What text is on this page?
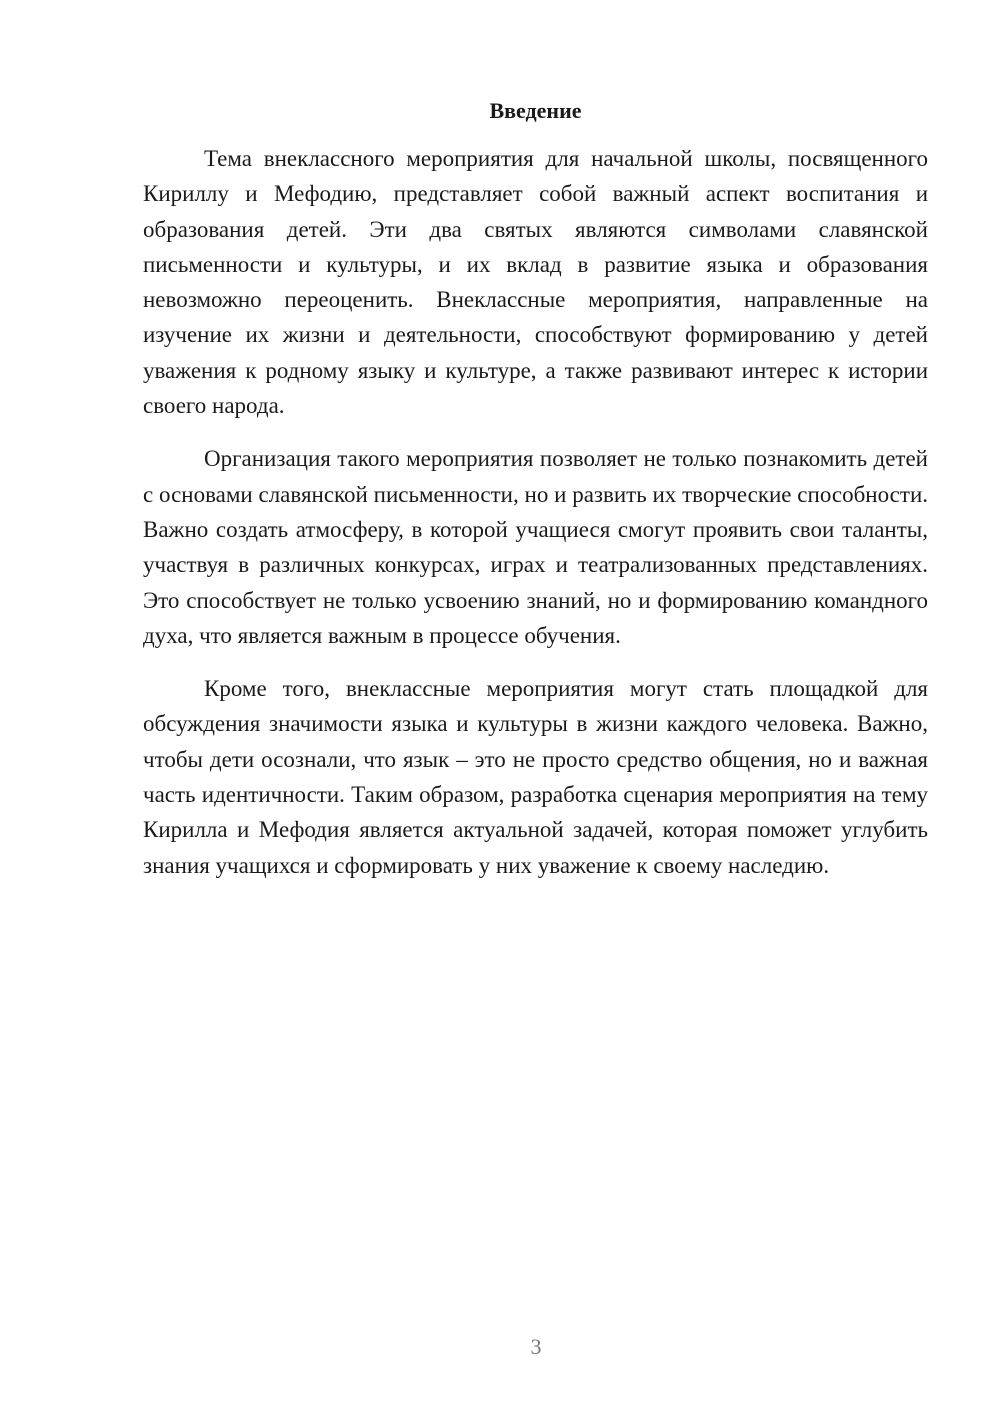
Введение

Тема внеклассного мероприятия для начальной школы, посвященного Кириллу и Мефодию, представляет собой важный аспект воспитания и образования детей. Эти два святых являются символами славянской письменности и культуры, и их вклад в развитие языка и образования невозможно переоценить. Внеклассные мероприятия, направленные на изучение их жизни и деятельности, способствуют формированию у детей уважения к родному языку и культуре, а также развивают интерес к истории своего народа.

Организация такого мероприятия позволяет не только познакомить детей с основами славянской письменности, но и развить их творческие способности. Важно создать атмосферу, в которой учащиеся смогут проявить свои таланты, участвуя в различных конкурсах, играх и театрализованных представлениях. Это способствует не только усвоению знаний, но и формированию командного духа, что является важным в процессе обучения.

Кроме того, внеклассные мероприятия могут стать площадкой для обсуждения значимости языка и культуры в жизни каждого человека. Важно, чтобы дети осознали, что язык – это не просто средство общения, но и важная часть идентичности. Таким образом, разработка сценария мероприятия на тему Кирилла и Мефодия является актуальной задачей, которая поможет углубить знания учащихся и сформировать у них уважение к своему наследию.

3
